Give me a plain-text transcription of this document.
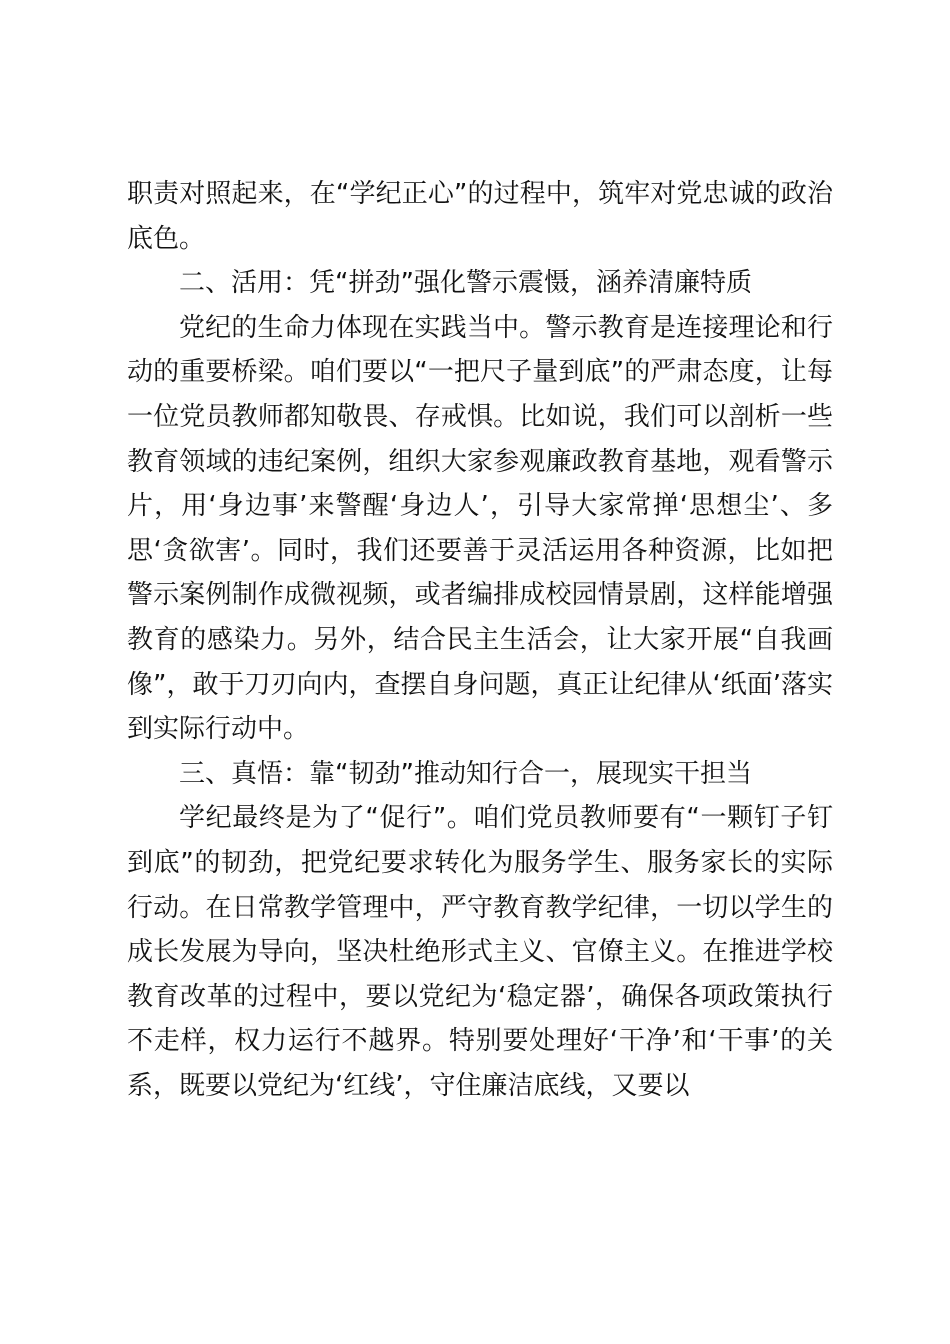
职责对照起来，在“学纪正心”的过程中，筑牢对党忠诚的政治底色。

二、活用：凭“拼劲”强化警示震慑，涵养清廉特质

党纪的生命力体现在实践当中。警示教育是连接理论和行动的重要桥梁。咱们要以“一把尺子量到底”的严肃态度，让每一位党员教师都知敬畏、存戒惧。比如说，我们可以剖析一些教育领域的违纪案例，组织大家参观廉政教育基地，观看警示片，用‘身边事’来警醒‘身边人’，引导大家常掸‘思想尘’、多思‘贪欲害’。同时，我们还要善于灵活运用各种资源，比如把警示案例制作成微视频，或者编排成校园情景剧，这样能增强教育的感染力。另外，结合民主生活会，让大家开展“自我画像”，敢于刀刃向内，查摆自身问题，真正让纪律从‘纸面’落实到实际行动中。

三、真悟：靠“韧劲”推动知行合一，展现实干担当

学纪最终是为了“促行”。咱们党员教师要有“一颗钉子钉到底”的韧劲，把党纪要求转化为服务学生、服务家长的实际行动。在日常教学管理中，严守教育教学纪律，一切以学生的成长发展为导向，坚决杜绝形式主义、官僚主义。在推进学校教育改革的过程中，要以党纪为‘稳定器’，确保各项政策执行不走样，权力运行不越界。特别要处理好‘干净’和‘干事’的关系，既要以党纪为‘红线’，守住廉洁底线，又要以
